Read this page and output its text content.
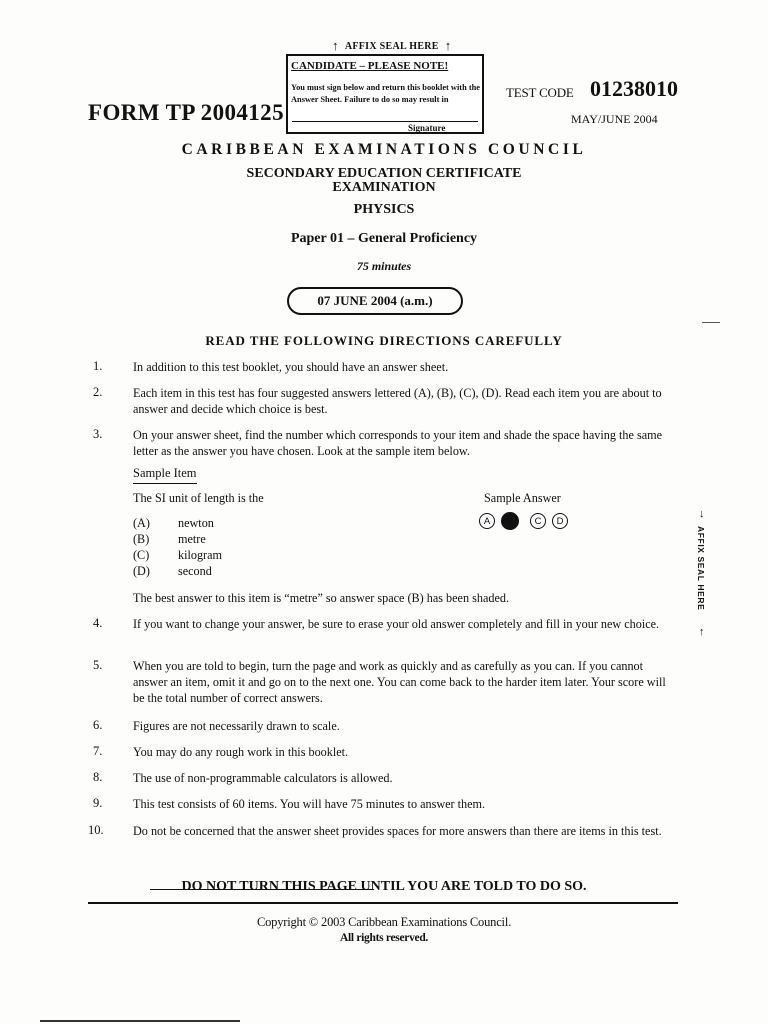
↑ AFFIX SEAL HERE ↑
CANDIDATE – PLEASE NOTE!
You must sign below and return this booklet with the Answer Sheet. Failure to do so may result in
Signature
FORM TP 2004125
TEST CODE 01238010
MAY/JUNE 2004
CARIBBEAN EXAMINATIONS COUNCIL
SECONDARY EDUCATION CERTIFICATE
EXAMINATION
PHYSICS
Paper 01 – General Proficiency
75 minutes
07 JUNE 2004 (a.m.)
READ THE FOLLOWING DIRECTIONS CAREFULLY
1.	In addition to this test booklet, you should have an answer sheet.
2.	Each item in this test has four suggested answers lettered (A), (B), (C), (D). Read each item you are about to answer and decide which choice is best.
3.	On your answer sheet, find the number which corresponds to your item and shade the space having the same letter as the answer you have chosen. Look at the sample item below.
Sample Item
The SI unit of length is the
(A) newton
(B) metre
(C) kilogram
(D) second
Sample Answer
A	B	C	D
The best answer to this item is “metre” so answer space (B) has been shaded.
4.	If you want to change your answer, be sure to erase your old answer completely and fill in your new choice.
5.	When you are told to begin, turn the page and work as quickly and as carefully as you can. If you cannot answer an item, omit it and go on to the next one. You can come back to the harder item later. Your score will be the total number of correct answers.
6.	Figures are not necessarily drawn to scale.
7.	You may do any rough work in this booklet.
8.	The use of non-programmable calculators is allowed.
9.	This test consists of 60 items. You will have 75 minutes to answer them.
10. Do not be concerned that the answer sheet provides spaces for more answers than there are items in this test.
DO NOT TURN THIS PAGE UNTIL YOU ARE TOLD TO DO SO.
Copyright © 2003 Caribbean Examinations Council.
All rights reserved.
↓
AFFIX SEAL HERE
↑
